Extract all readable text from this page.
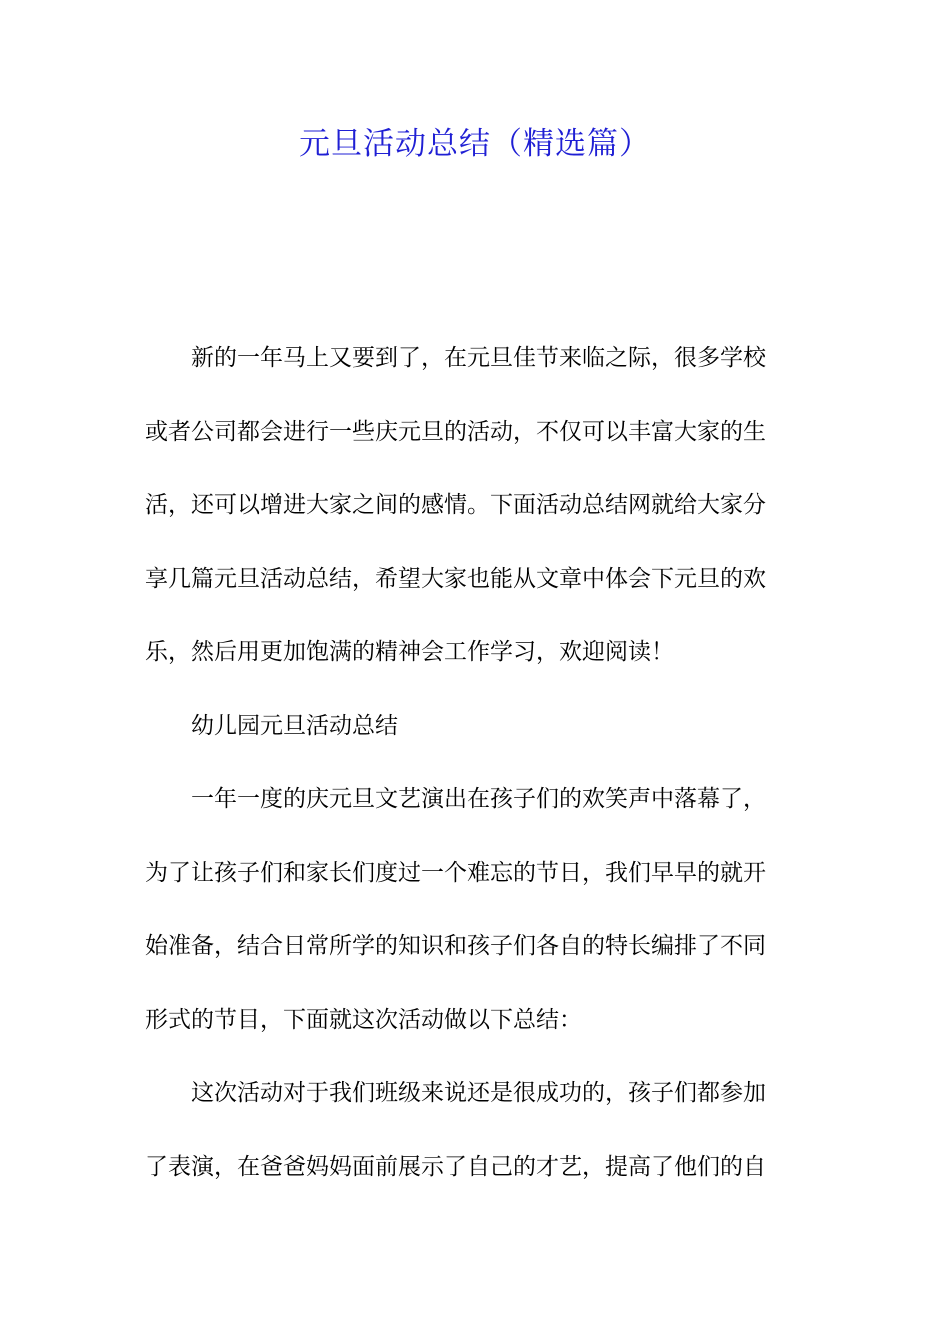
元旦活动总结（精选篇）
新的一年马上又要到了，在元旦佳节来临之际，很多学校
或者公司都会进行一些庆元旦的活动，不仅可以丰富大家的生
活，还可以增进大家之间的感情。下面活动总结网就给大家分
享几篇元旦活动总结，希望大家也能从文章中体会下元旦的欢
乐，然后用更加饱满的精神会工作学习，欢迎阅读！
幼儿园元旦活动总结
一年一度的庆元旦文艺演出在孩子们的欢笑声中落幕了，
为了让孩子们和家长们度过一个难忘的节日，我们早早的就开
始准备，结合日常所学的知识和孩子们各自的特长编排了不同
形式的节目，下面就这次活动做以下总结：
这次活动对于我们班级来说还是很成功的，孩子们都参加
了表演，在爸爸妈妈面前展示了自己的才艺，提高了他们的自
